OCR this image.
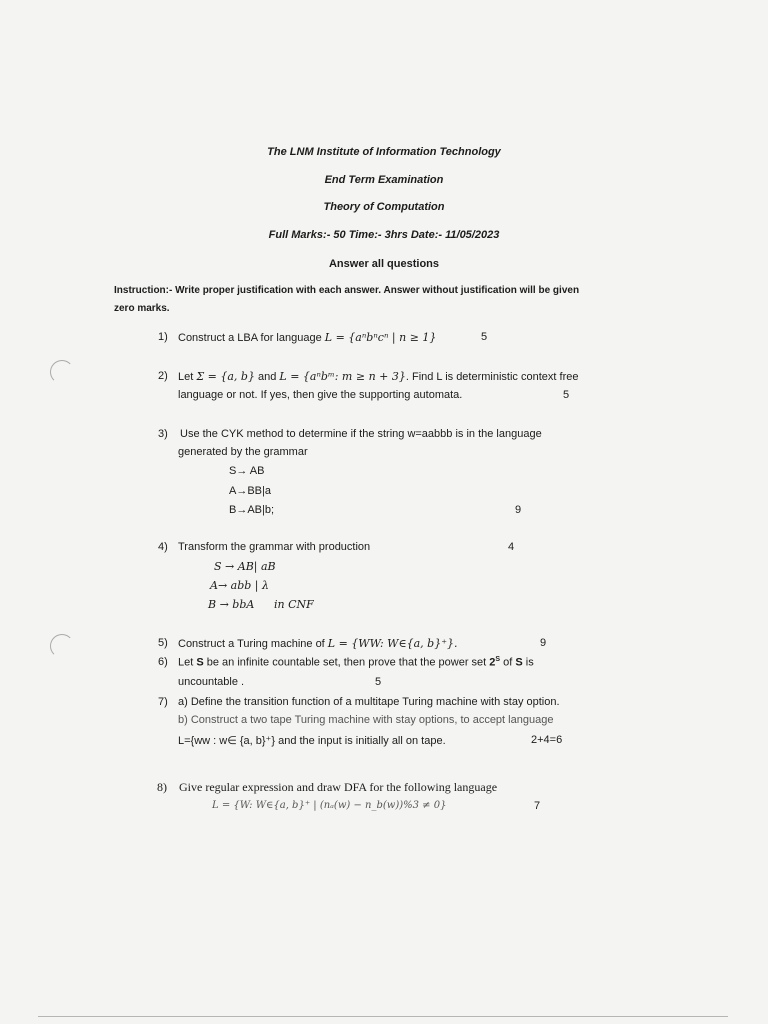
The LNM Institute of Information Technology
End Term Examination
Theory of Computation
Full Marks:- 50 Time:- 3hrs Date:- 11/05/2023
Answer all questions
Instruction:- Write proper justification with each answer. Answer without justification will be given
zero marks.
1) Construct a LBA for language L = {aⁿbⁿcⁿ | n ≥ 1}	5
2) Let Σ = {a, b} and L = {aⁿbᵐ: m ≥ n + 3}. Find L is deterministic context free
language or not. If yes, then give the supporting automata.	5
3) Use the CYK method to determine if the string w=aabbb is in the language
generated by the grammar
S→ AB
A→BB|a
B→AB|b;	9
4) Transform the grammar with production	4
S → AB| aB
A→ abb | λ
B → bbA in CNF
5) Construct a Turing machine of L = {WW: W∈{a, b}⁺}.	9
6) Let S be an infinite countable set, then prove that the power set $2^S$ of S is
uncountable .	5
7) a) Define the transition function of a multitape Turing machine with stay option.
b) Construct a two tape Turing machine with stay options, to accept language
L={ww : w∈ {a, b}⁺} and the input is initially all on tape.	2+4=6
8) Give regular expression and draw DFA for the following language
L = {W: W∈{a, b}⁺ | (nₐ(w) − n_b(w))%3 ≠ 0}	7
